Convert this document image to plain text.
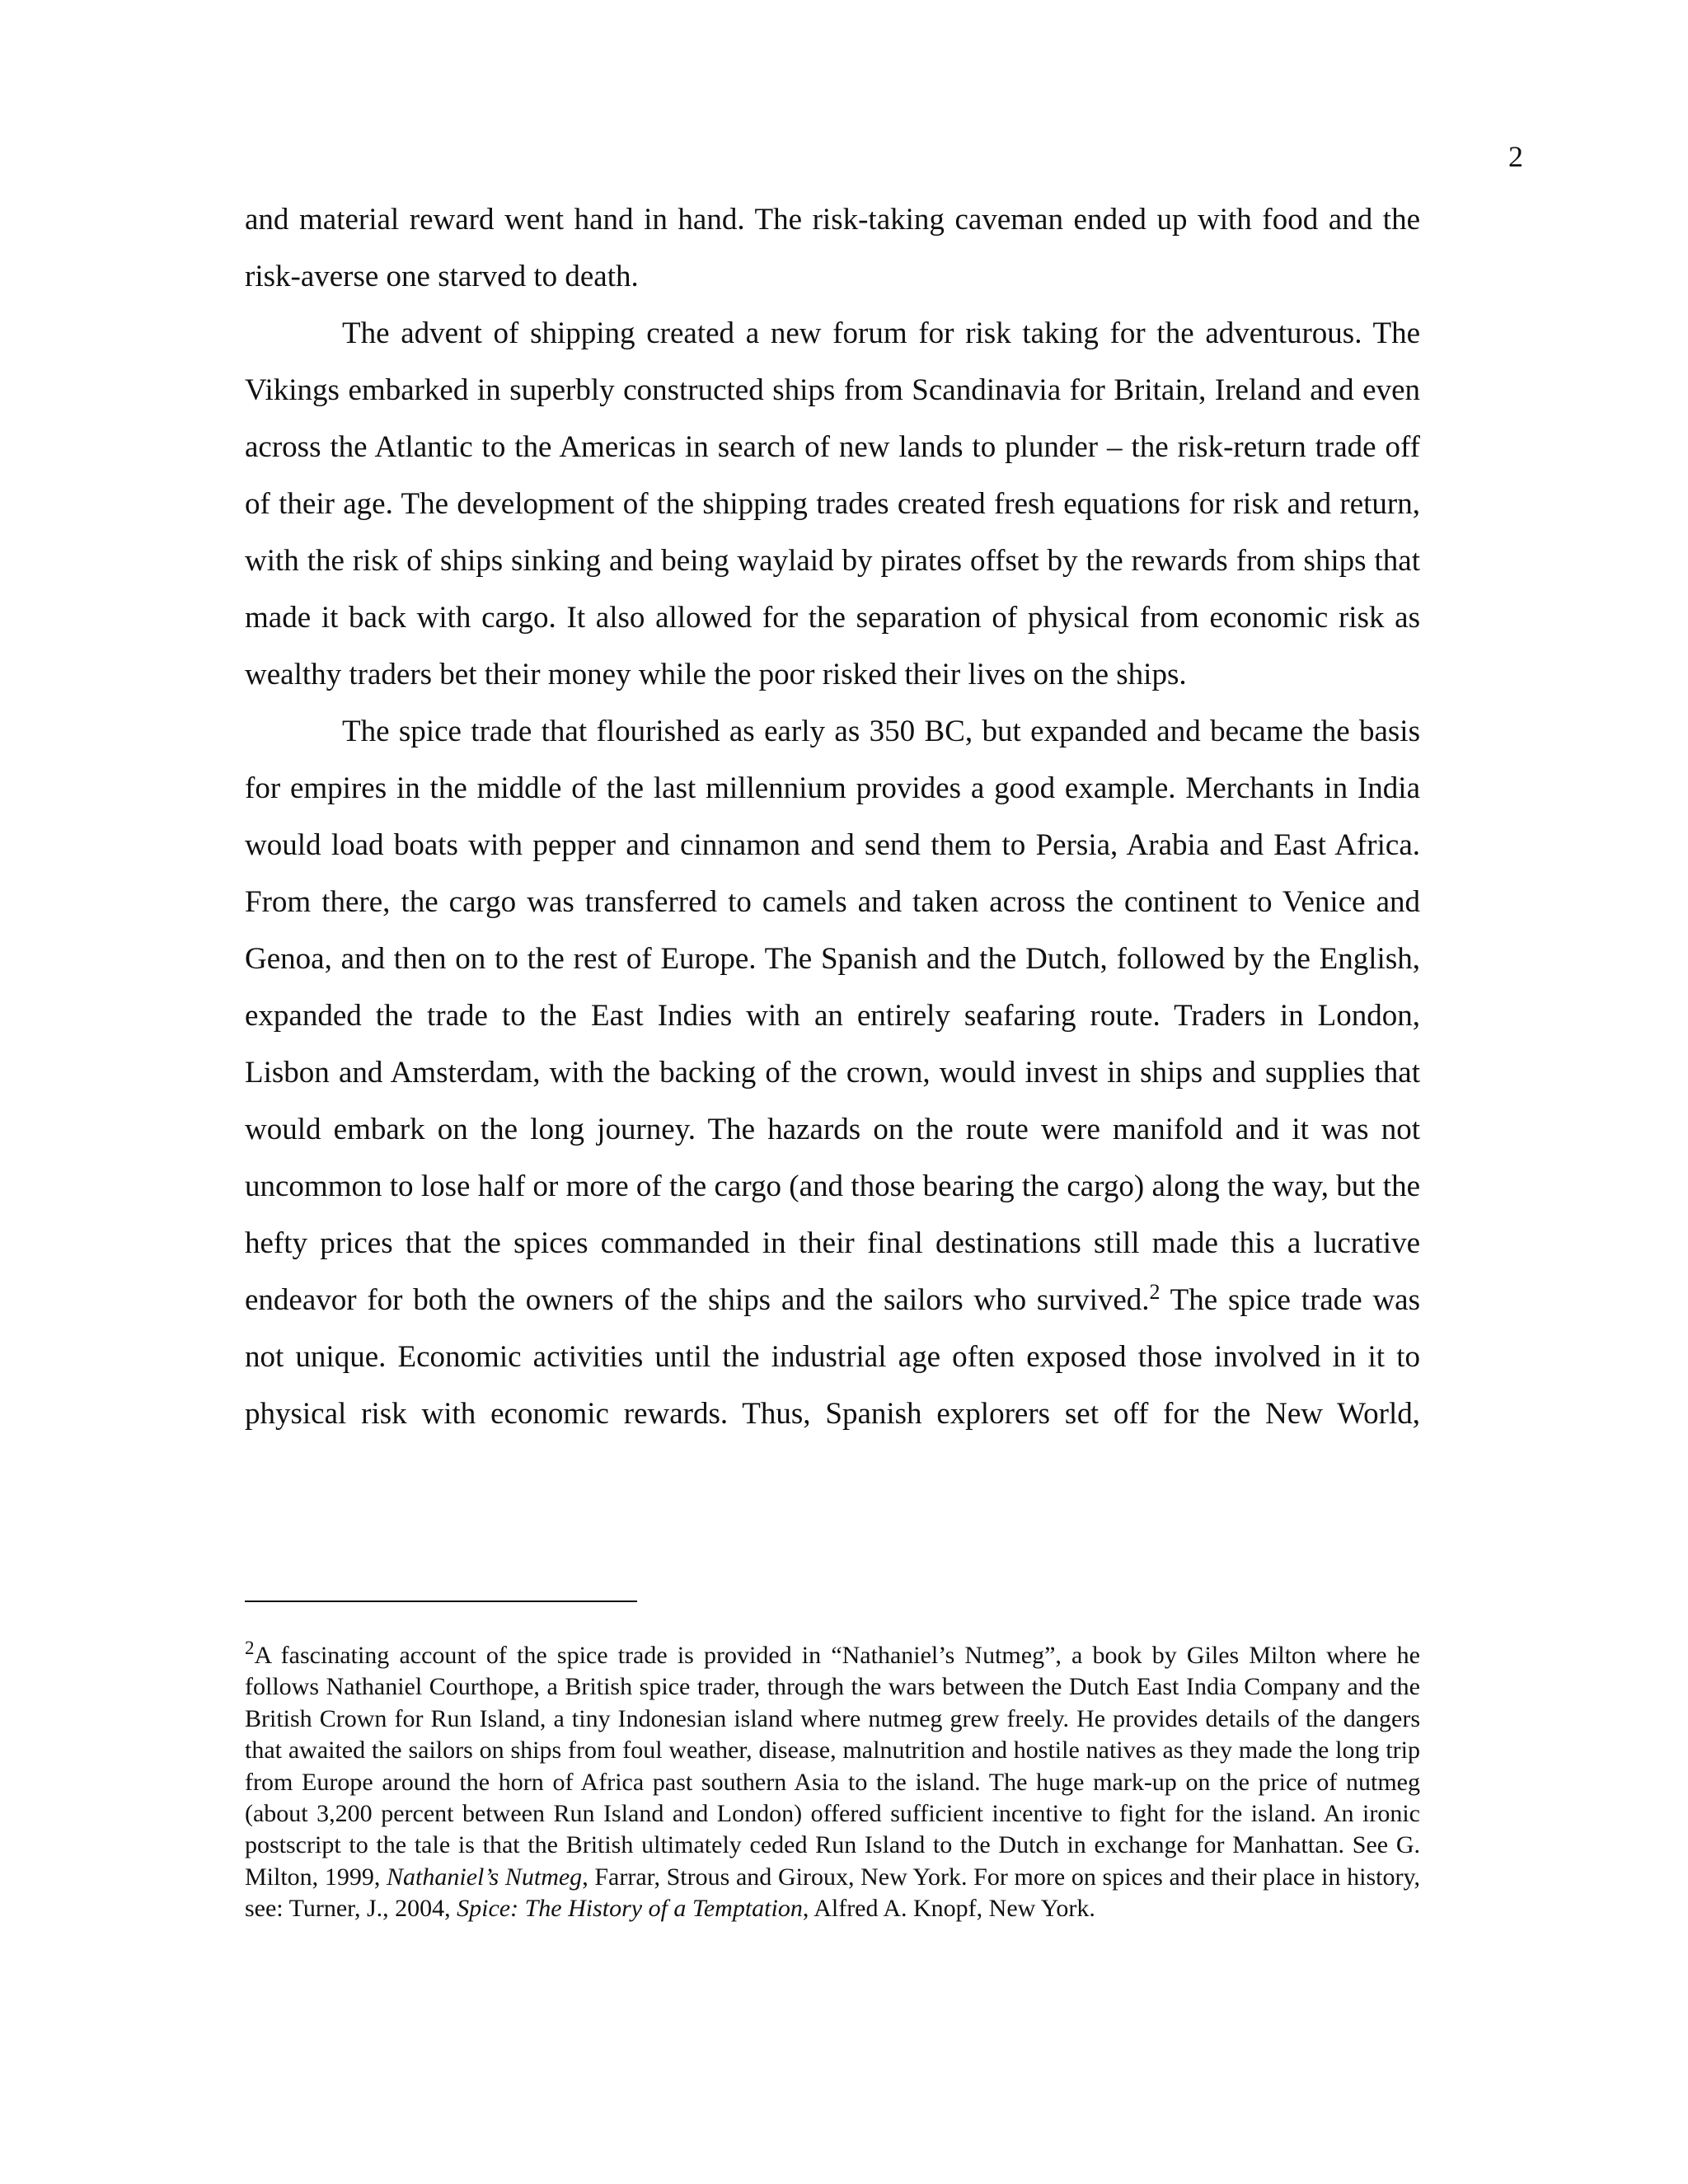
2

and material reward went hand in hand. The risk-taking caveman ended up with food and the risk-averse one starved to death.

The advent of shipping created a new forum for risk taking for the adventurous. The Vikings embarked in superbly constructed ships from Scandinavia for Britain, Ireland and even across the Atlantic to the Americas in search of new lands to plunder – the risk-return trade off of their age. The development of the shipping trades created fresh equations for risk and return, with the risk of ships sinking and being waylaid by pirates offset by the rewards from ships that made it back with cargo. It also allowed for the separation of physical from economic risk as wealthy traders bet their money while the poor risked their lives on the ships.

The spice trade that flourished as early as 350 BC, but expanded and became the basis for empires in the middle of the last millennium provides a good example. Merchants in India would load boats with pepper and cinnamon and send them to Persia, Arabia and East Africa. From there, the cargo was transferred to camels and taken across the continent to Venice and Genoa, and then on to the rest of Europe. The Spanish and the Dutch, followed by the English, expanded the trade to the East Indies with an entirely seafaring route. Traders in London, Lisbon and Amsterdam, with the backing of the crown, would invest in ships and supplies that would embark on the long journey. The hazards on the route were manifold and it was not uncommon to lose half or more of the cargo (and those bearing the cargo) along the way, but the hefty prices that the spices commanded in their final destinations still made this a lucrative endeavor for both the owners of the ships and the sailors who survived.$^2$ The spice trade was not unique. Economic activities until the industrial age often exposed those involved in it to physical risk with economic rewards. Thus, Spanish explorers set off for the New World,

$^2$A fascinating account of the spice trade is provided in “Nathaniel’s Nutmeg”, a book by Giles Milton where he follows Nathaniel Courthope, a British spice trader, through the wars between the Dutch East India Company and the British Crown for Run Island, a tiny Indonesian island where nutmeg grew freely. He provides details of the dangers that awaited the sailors on ships from foul weather, disease, malnutrition and hostile natives as they made the long trip from Europe around the horn of Africa past southern Asia to the island. The huge mark-up on the price of nutmeg (about 3,200 percent between Run Island and London) offered sufficient incentive to fight for the island. An ironic postscript to the tale is that the British ultimately ceded Run Island to the Dutch in exchange for Manhattan. See G. Milton, 1999, Nathaniel’s Nutmeg, Farrar, Strous and Giroux, New York. For more on spices and their place in history, see: Turner, J., 2004, Spice: The History of a Temptation, Alfred A. Knopf, New York.
